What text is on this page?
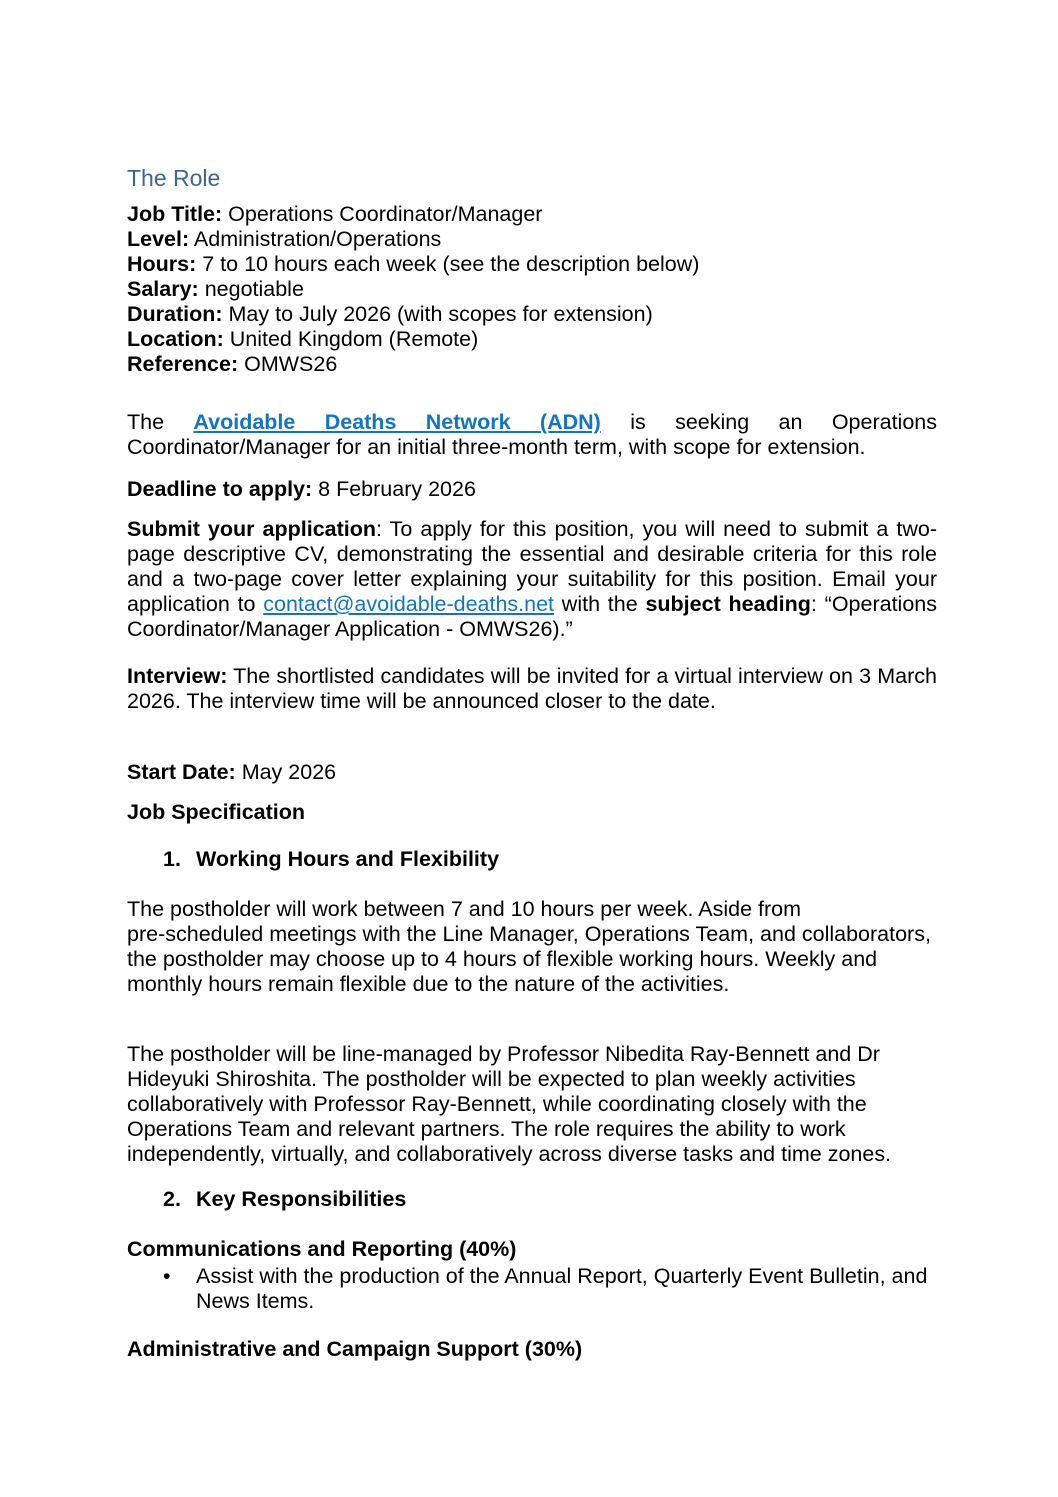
The Role

Job Title: Operations Coordinator/Manager
Level: Administration/Operations
Hours: 7 to 10 hours each week (see the description below)
Salary: negotiable
Duration: May to July 2026 (with scopes for extension)
Location: United Kingdom (Remote)
Reference: OMWS26

The Avoidable Deaths Network (ADN) is seeking an Operations Coordinator/Manager for an initial three-month term, with scope for extension.

Deadline to apply: 8 February 2026

Submit your application: To apply for this position, you will need to submit a two-page descriptive CV, demonstrating the essential and desirable criteria for this role and a two-page cover letter explaining your suitability for this position. Email your application to contact@avoidable-deaths.net with the subject heading: “Operations Coordinator/Manager Application - OMWS26).”

Interview: The shortlisted candidates will be invited for a virtual interview on 3 March 2026. The interview time will be announced closer to the date.

Start Date: May 2026

Job Specification

1. Working Hours and Flexibility

The postholder will work between 7 and 10 hours per week. Aside from pre-scheduled meetings with the Line Manager, Operations Team, and collaborators, the postholder may choose up to 4 hours of flexible working hours. Weekly and monthly hours remain flexible due to the nature of the activities.

The postholder will be line-managed by Professor Nibedita Ray-Bennett and Dr Hideyuki Shiroshita. The postholder will be expected to plan weekly activities collaboratively with Professor Ray-Bennett, while coordinating closely with the Operations Team and relevant partners. The role requires the ability to work independently, virtually, and collaboratively across diverse tasks and time zones.

2. Key Responsibilities

Communications and Reporting (40%)

•	Assist with the production of the Annual Report, Quarterly Event Bulletin, and News Items.

Administrative and Campaign Support (30%)
